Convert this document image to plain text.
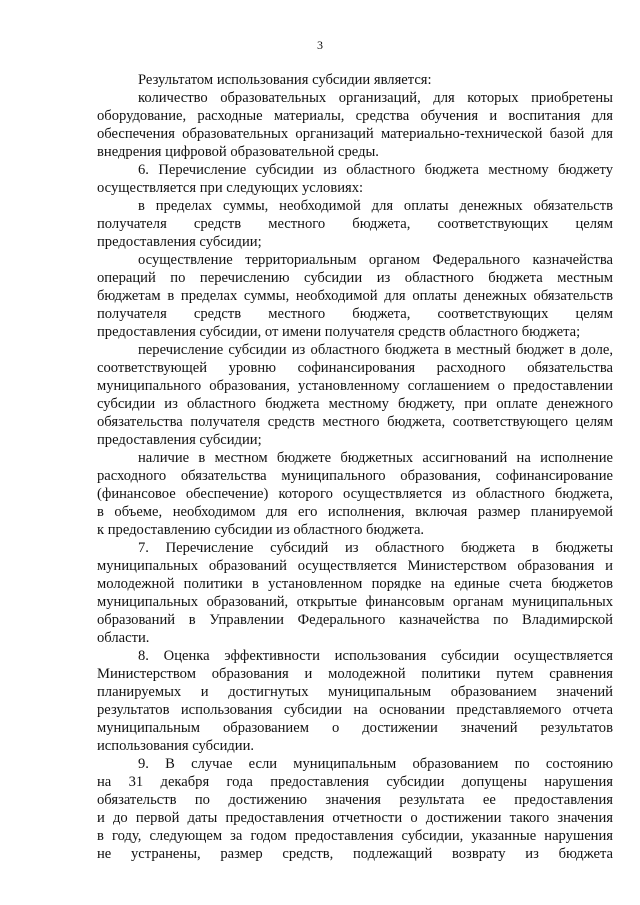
3
Результатом использования субсидии является:
количество образовательных организаций, для которых приобретены
оборудование, расходные материалы, средства обучения и воспитания для
обеспечения образовательных организаций материально-технической базой для
внедрения цифровой образовательной среды.
6. Перечисление субсидии из областного бюджета местному бюджету
осуществляется при следующих условиях:
в пределах суммы, необходимой для оплаты денежных обязательств
получателя средств местного бюджета, соответствующих целям
предоставления субсидии;
осуществление территориальным органом Федерального казначейства
операций по перечислению субсидии из областного бюджета местным
бюджетам в пределах суммы, необходимой для оплаты денежных обязательств
получателя средств местного бюджета, соответствующих целям
предоставления субсидии, от имени получателя средств областного бюджета;
перечисление субсидии из областного бюджета в местный бюджет в доле,
соответствующей уровню софинансирования расходного обязательства
муниципального образования, установленному соглашением о предоставлении
субсидии из областного бюджета местному бюджету, при оплате денежного
обязательства получателя средств местного бюджета, соответствующего целям
предоставления субсидии;
наличие в местном бюджете бюджетных ассигнований на исполнение
расходного обязательства муниципального образования, софинансирование
(финансовое обеспечение) которого осуществляется из областного бюджета,
в объеме, необходимом для его исполнения, включая размер планируемой
к предоставлению субсидии из областного бюджета.
7. Перечисление субсидий из областного бюджета в бюджеты
муниципальных образований осуществляется Министерством образования и
молодежной политики в установленном порядке на единые счета бюджетов
муниципальных образований, открытые финансовым органам муниципальных
образований в Управлении Федерального казначейства по Владимирской
области.
8. Оценка эффективности использования субсидии осуществляется
Министерством образования и молодежной политики путем сравнения
планируемых и достигнутых муниципальным образованием значений
результатов использования субсидии на основании представляемого отчета
муниципальным образованием о достижении значений результатов
использования субсидии.
9. В случае если муниципальным образованием по состоянию
на 31 декабря года предоставления субсидии допущены нарушения
обязательств по достижению значения результата ее предоставления
и до первой даты предоставления отчетности о достижении такого значения
в году, следующем за годом предоставления субсидии, указанные нарушения
не устранены, размер средств, подлежащий возврату из бюджета
